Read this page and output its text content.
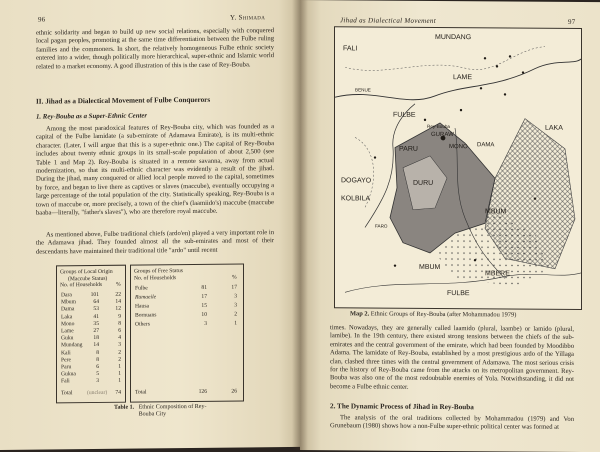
96	Y. Shimada

ethnic solidarity and began to build up new social relations, especially with conquered local pagan peoples, promoting at the same time differentiation between the Fulbe ruling families and the commoners. In short, the relatively homogeneous Fulbe ethnic society entered into a wider, though politically more hierarchical, super-ethnic and Islamic world related to a market economy. A good illustration of this is the case of Rey-Bouba.

II. Jihad as a Dialectical Movement of Fulbe Conquerors
1. Rey-Bouba as a Super-Ethnic Center

Among the most paradoxical features of Rey-Bouba city, which was founded as a capital of the Fulbe lamidate (a sub-emirate of Adamawa Emirate), is its multi-ethnic character. (Later, I will argue that this is a super-ethnic one.) The capital of Rey-Bouba includes about twenty ethnic groups in its small-scale population of about 2,500 (see Table 1 and Map 2). Rey-Bouba is situated in a remote savanna, away from actual modernization, so that its multi-ethnic character was evidently a result of the jihad. During the jihad, many conquered or allied local people moved to the capital, sometimes by force, and began to live there as captives or slaves (maccube), eventually occupying a large percentage of the total population of the city. Statistically speaking, Rey-Bouba is a town of maccube or, more precisely, a town of the chief's (laamiido's) maccube (maccube baaba—literally, "father's slaves"), who are therefore royal maccube.

As mentioned above, Fulbe traditional chiefs (ardo'en) played a very important role in the Adamawa jihad. They founded almost all the sub-emirates and most of their descendants have maintained their traditional title "ardo" until recent

Groups of Local Origin
(Maccube Status)
No. of Households %
Dara	101	22
Mbum	64	14
Dama	53	12
Laka	41	9
Mono	35	8
Lame	27	6
Guku	18	4
Mundang	14	3
Kali	8	2
Pere	8	2
Paru	6	1
Gukua	5	1
Fali	3	1
Total	(unclear)	74
Groups of Free Status
No. of Households	%
Fulbe	81	17
Rumaeile	17	3
Hausa	15	3
Bornuans	10	2
Others	3	1
Total	126	26
Table 1. Ethnic Composition of Rey-Bouba City
Jihad as Dialectical Movement	97
MUNDANG
FALI
LAME
FULBE
GURAW
MONO DAMA
PARU
DOGAYO
KOLBILA
DURU
MBUM
MBUM
MBERE
FULBE
LAKA
BENUE
FARO
Rey-Bouba
Map 2. Ethnic Groups of Rey-Bouba (after Mohammadou 1979)

times. Nowadays, they are generally called laamido (plural, laambe) or lamido (plural, lamibe). In the 19th century, there existed strong tensions between the chiefs of the sub-emirates and the central government of the emirate, which had been founded by Moodibbo Adama. The lamidate of Rey-Bouba, established by a most prestigious ardo of the Yillaga clan, clashed three times with the central government of Adamawa. The most serious crisis for the history of Rey-Bouba came from the attacks on its metropolitan government. Rey-Bouba was also one of the most redoubtable enemies of Yola. Notwithstanding, it did not become a Fulbe ethnic center.

2. The Dynamic Process of Jihad in Rey-Bouba

The analysis of the oral traditions collected by Mohammadou (1979) and Von Grunebaum (1980) shows how a non-Fulbe super-ethnic political center was formed at
